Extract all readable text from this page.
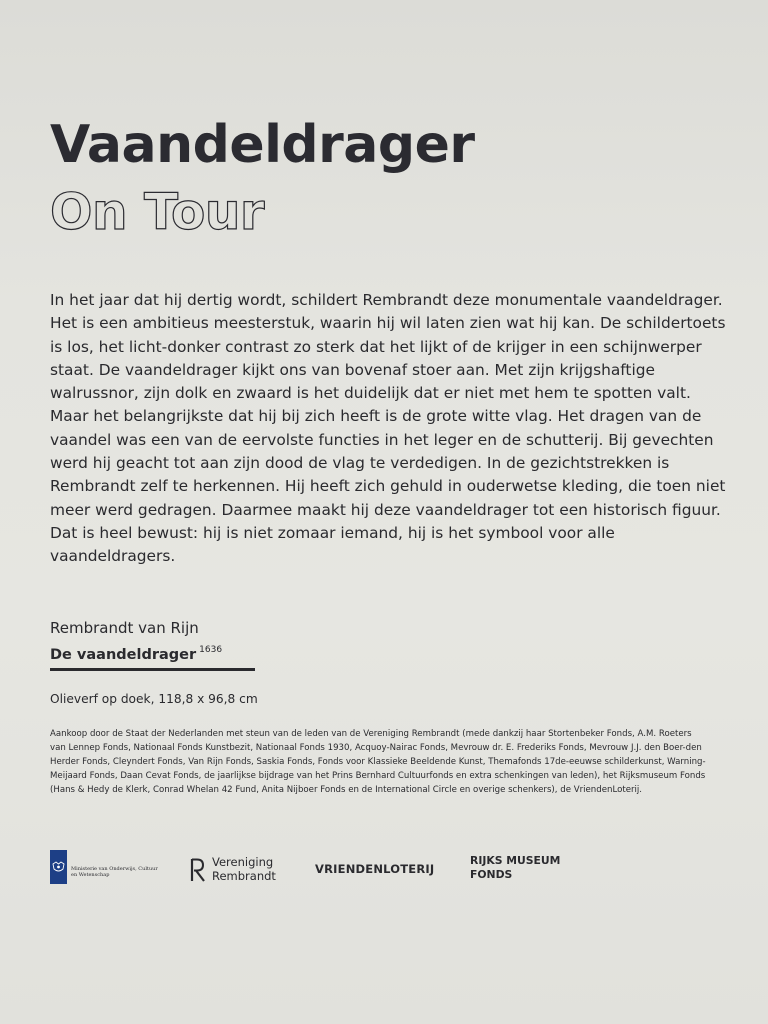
Vaandeldrager
On Tour

In het jaar dat hij dertig wordt, schildert Rembrandt deze monumentale vaandeldrager. Het is een ambitieus meesterstuk, waarin hij wil laten zien wat hij kan. De schildertoets is los, het licht-donker contrast zo sterk dat het lijkt of de krijger in een schijnwerper staat. De vaandeldrager kijkt ons van bovenaf stoer aan. Met zijn krijgshaftige walrussnor, zijn dolk en zwaard is het duidelijk dat er niet met hem te spotten valt. Maar het belangrijkste dat hij bij zich heeft is de grote witte vlag. Het dragen van de vaandel was een van de eervolste functies in het leger en de schutterij. Bij gevechten werd hij geacht tot aan zijn dood de vlag te verdedigen. In de gezichtstrekken is Rembrandt zelf te herkennen. Hij heeft zich gehuld in ouderwetse kleding, die toen niet meer werd gedragen. Daarmee maakt hij deze vaandeldrager tot een historisch figuur. Dat is heel bewust: hij is niet zomaar iemand, hij is het symbool voor alle vaandeldragers.

Rembrandt van Rijn
De vaandeldrager $^{1636}$
Olieverf op doek, 118,8 x 96,8 cm

Aankoop door de Staat der Nederlanden met steun van de leden van de Vereniging Rembrandt (mede dankzij haar Stortenbeker Fonds, A.M. Roeters van Lennep Fonds, Nationaal Fonds Kunstbezit, Nationaal Fonds 1930, Acquoy-Nairac Fonds, Mevrouw dr. E. Frederiks Fonds, Mevrouw J.J. den Boer-den Herder Fonds, Cleyndert Fonds, Van Rijn Fonds, Saskia Fonds, Fonds voor Klassieke Beeldende Kunst, Themafonds 17de-eeuwse schilderkunst, Warning-Meijaard Fonds, Daan Cevat Fonds, de jaarlijkse bijdrage van het Prins Bernhard Cultuurfonds en extra schenkingen van leden), het Rijksmuseum Fonds (Hans & Hedy de Klerk, Conrad Whelan 42 Fund, Anita Nijboer Fonds en de International Circle en overige schenkers), de VriendenLoterij.

Ministerie van Onderwijs, Cultuur en Wetenschap
Vereniging
Rembrandt	VRIENDENLOTERIJ
RIJKS MUSEUM
FONDS
